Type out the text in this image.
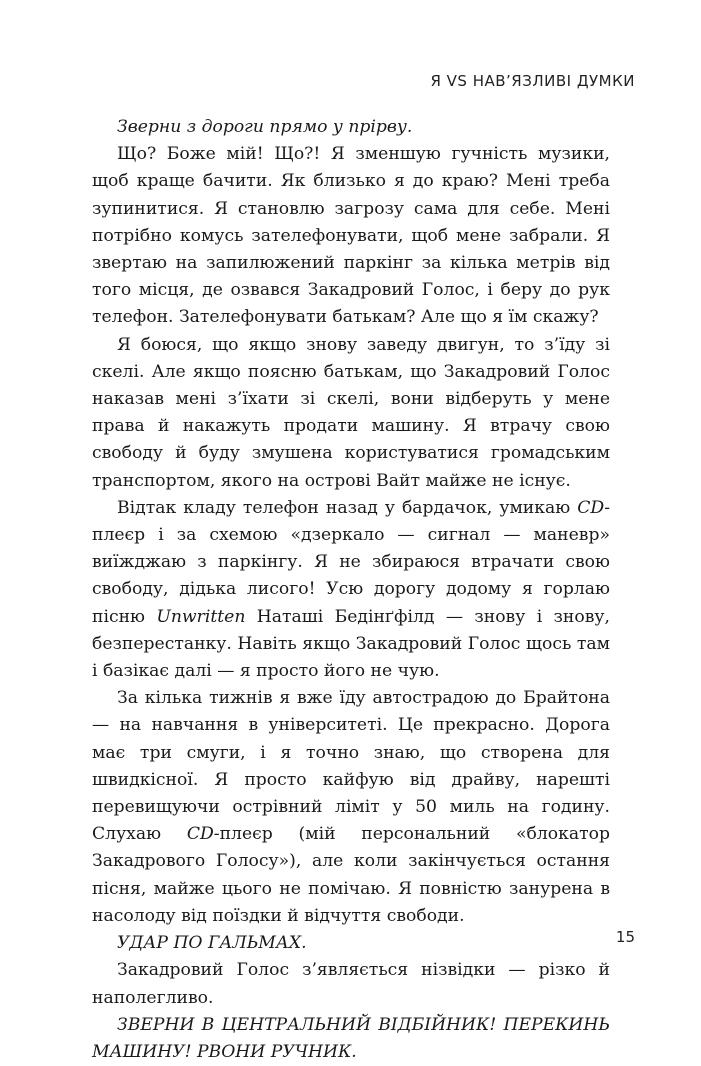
Я VS НАВ’ЯЗЛИВІ ДУМКИ

Зверни з дороги прямо у прірву.

Що? Боже мій! Що?! Я зменшую гучність музики, щоб краще бачити. Як близько я до краю? Мені треба зупинитися. Я становлю загрозу сама для себе. Мені потрібно комусь зателефонувати, щоб мене забрали. Я звертаю на запилюжений паркінг за кілька метрів від того місця, де озвався Закадровий Голос, і беру до рук телефон. Зателефонувати батькам? Але що я їм скажу?

Я боюся, що якщо знову заведу двигун, то з’їду зі скелі. Але якщо поясню батькам, що Закадровий Голос наказав мені з’їхати зі скелі, вони відберуть у мене права й накажуть продати машину. Я втрачу свою свободу й буду змушена користуватися громадським транспортом, якого на острові Вайт майже не існує.

Відтак кладу телефон назад у бардачок, умикаю CD-плеєр і за схемою «дзеркало — сигнал — маневр» виїжджаю з паркінгу. Я не збираюся втрачати свою свободу, дідька лисого! Усю дорогу додому я горлаю пісню Unwritten Наташі Бедінґфілд — знову і знову, безперестанку. Навіть якщо Закадровий Голос щось там і базікає далі — я просто його не чую.

За кілька тижнів я вже їду автострадою до Брайтона — на навчання в університеті. Це прекрасно. Дорога має три смуги, і я точно знаю, що створена для швидкісної. Я просто кайфую від драйву, нарешті перевищуючи острівний ліміт у 50 миль на годину. Слухаю CD-плеєр (мій персональний «блокатор Закадрового Голосу»), але коли закінчується остання пісня, майже цього не помічаю. Я повністю занурена в насолоду від поїздки й відчуття свободи.

УДАР ПО ГАЛЬМАХ.

Закадровий Голос з’являється нізвідки — різко й наполегливо.

ЗВЕРНИ В ЦЕНТРАЛЬНИЙ ВІДБІЙНИК! ПЕРЕКИНЬ МАШИНУ! РВОНИ РУЧНИК.

15
